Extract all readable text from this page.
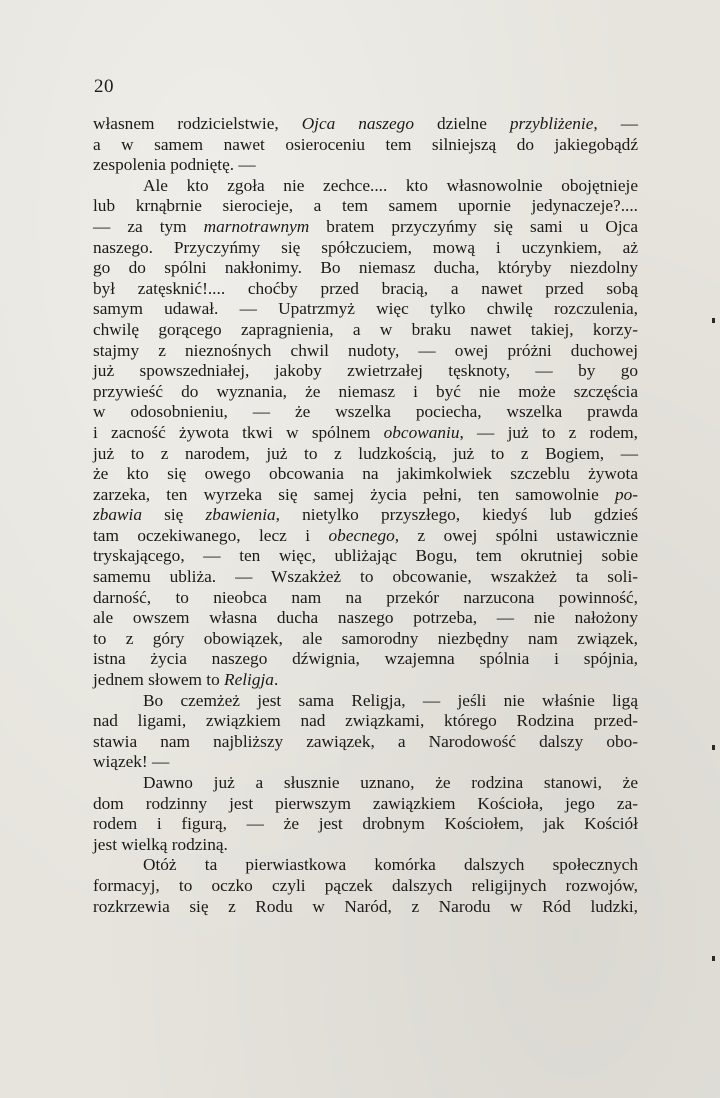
20
własnem rodzicielstwie, Ojca naszego dzielne przybliżenie, —
a w samem nawet osieroceniu tem silniejszą do jakiegobądź
zespolenia podniętę. —
Ale kto zgoła nie zechce.... kto własnowolnie obojętnieje
lub krnąbrnie sierocieje, a tem samem upornie jedynaczeje?....
— za tym marnotrawnym bratem przyczyńmy się sami u Ojca
naszego. Przyczyńmy się spółczuciem, mową i uczynkiem, aż
go do spólni nakłonimy. Bo niemasz ducha, któryby niezdolny
był zatęsknić!.... choćby przed bracią, a nawet przed sobą
samym udawał. — Upatrzmyż więc tylko chwilę rozczulenia,
chwilę gorącego zapragnienia, a w braku nawet takiej, korzy-
stajmy z nieznośnych chwil nudoty, — owej próżni duchowej
już spowszedniałej, jakoby zwietrzałej tęsknoty, — by go
przywieść do wyznania, że niemasz i być nie może szczęścia
w odosobnieniu, — że wszelka pociecha, wszelka prawda
i zacność żywota tkwi w spólnem obcowaniu, — już to z rodem,
już to z narodem, już to z ludzkością, już to z Bogiem, —
że kto się owego obcowania na jakimkolwiek szczeblu żywota
zarzeka, ten wyrzeka się samej życia pełni, ten samowolnie po-
zbawia się zbawienia, nietylko przyszłego, kiedyś lub gdzieś
tam oczekiwanego, lecz i obecnego, z owej spólni ustawicznie
tryskającego, — ten więc, ubliżając Bogu, tem okrutniej sobie
samemu ubliża. — Wszakżeż to obcowanie, wszakżeż ta soli-
darność, to nieobca nam na przekór narzucona powinność,
ale owszem własna ducha naszego potrzeba, — nie nałożony
to z góry obowiązek, ale samorodny niezbędny nam związek,
istna życia naszego dźwignia, wzajemna spólnia i spójnia,
jednem słowem to Religja.
Bo czemżeż jest sama Religja, — jeśli nie właśnie ligą
nad ligami, związkiem nad związkami, którego Rodzina przed-
stawia nam najbliższy zawiązek, a Narodowość dalszy obo-
wiązek! —
Dawno już a słusznie uznano, że rodzina stanowi, że
dom rodzinny jest pierwszym zawiązkiem Kościoła, jego za-
rodem i figurą, — że jest drobnym Kościołem, jak Kościół
jest wielką rodziną.
Otóż ta pierwiastkowa komórka dalszych społecznych
formacyj, to oczko czyli pączek dalszych religijnych rozwojów,
rozkrzewia się z Rodu w Naród, z Narodu w Ród ludzki,
